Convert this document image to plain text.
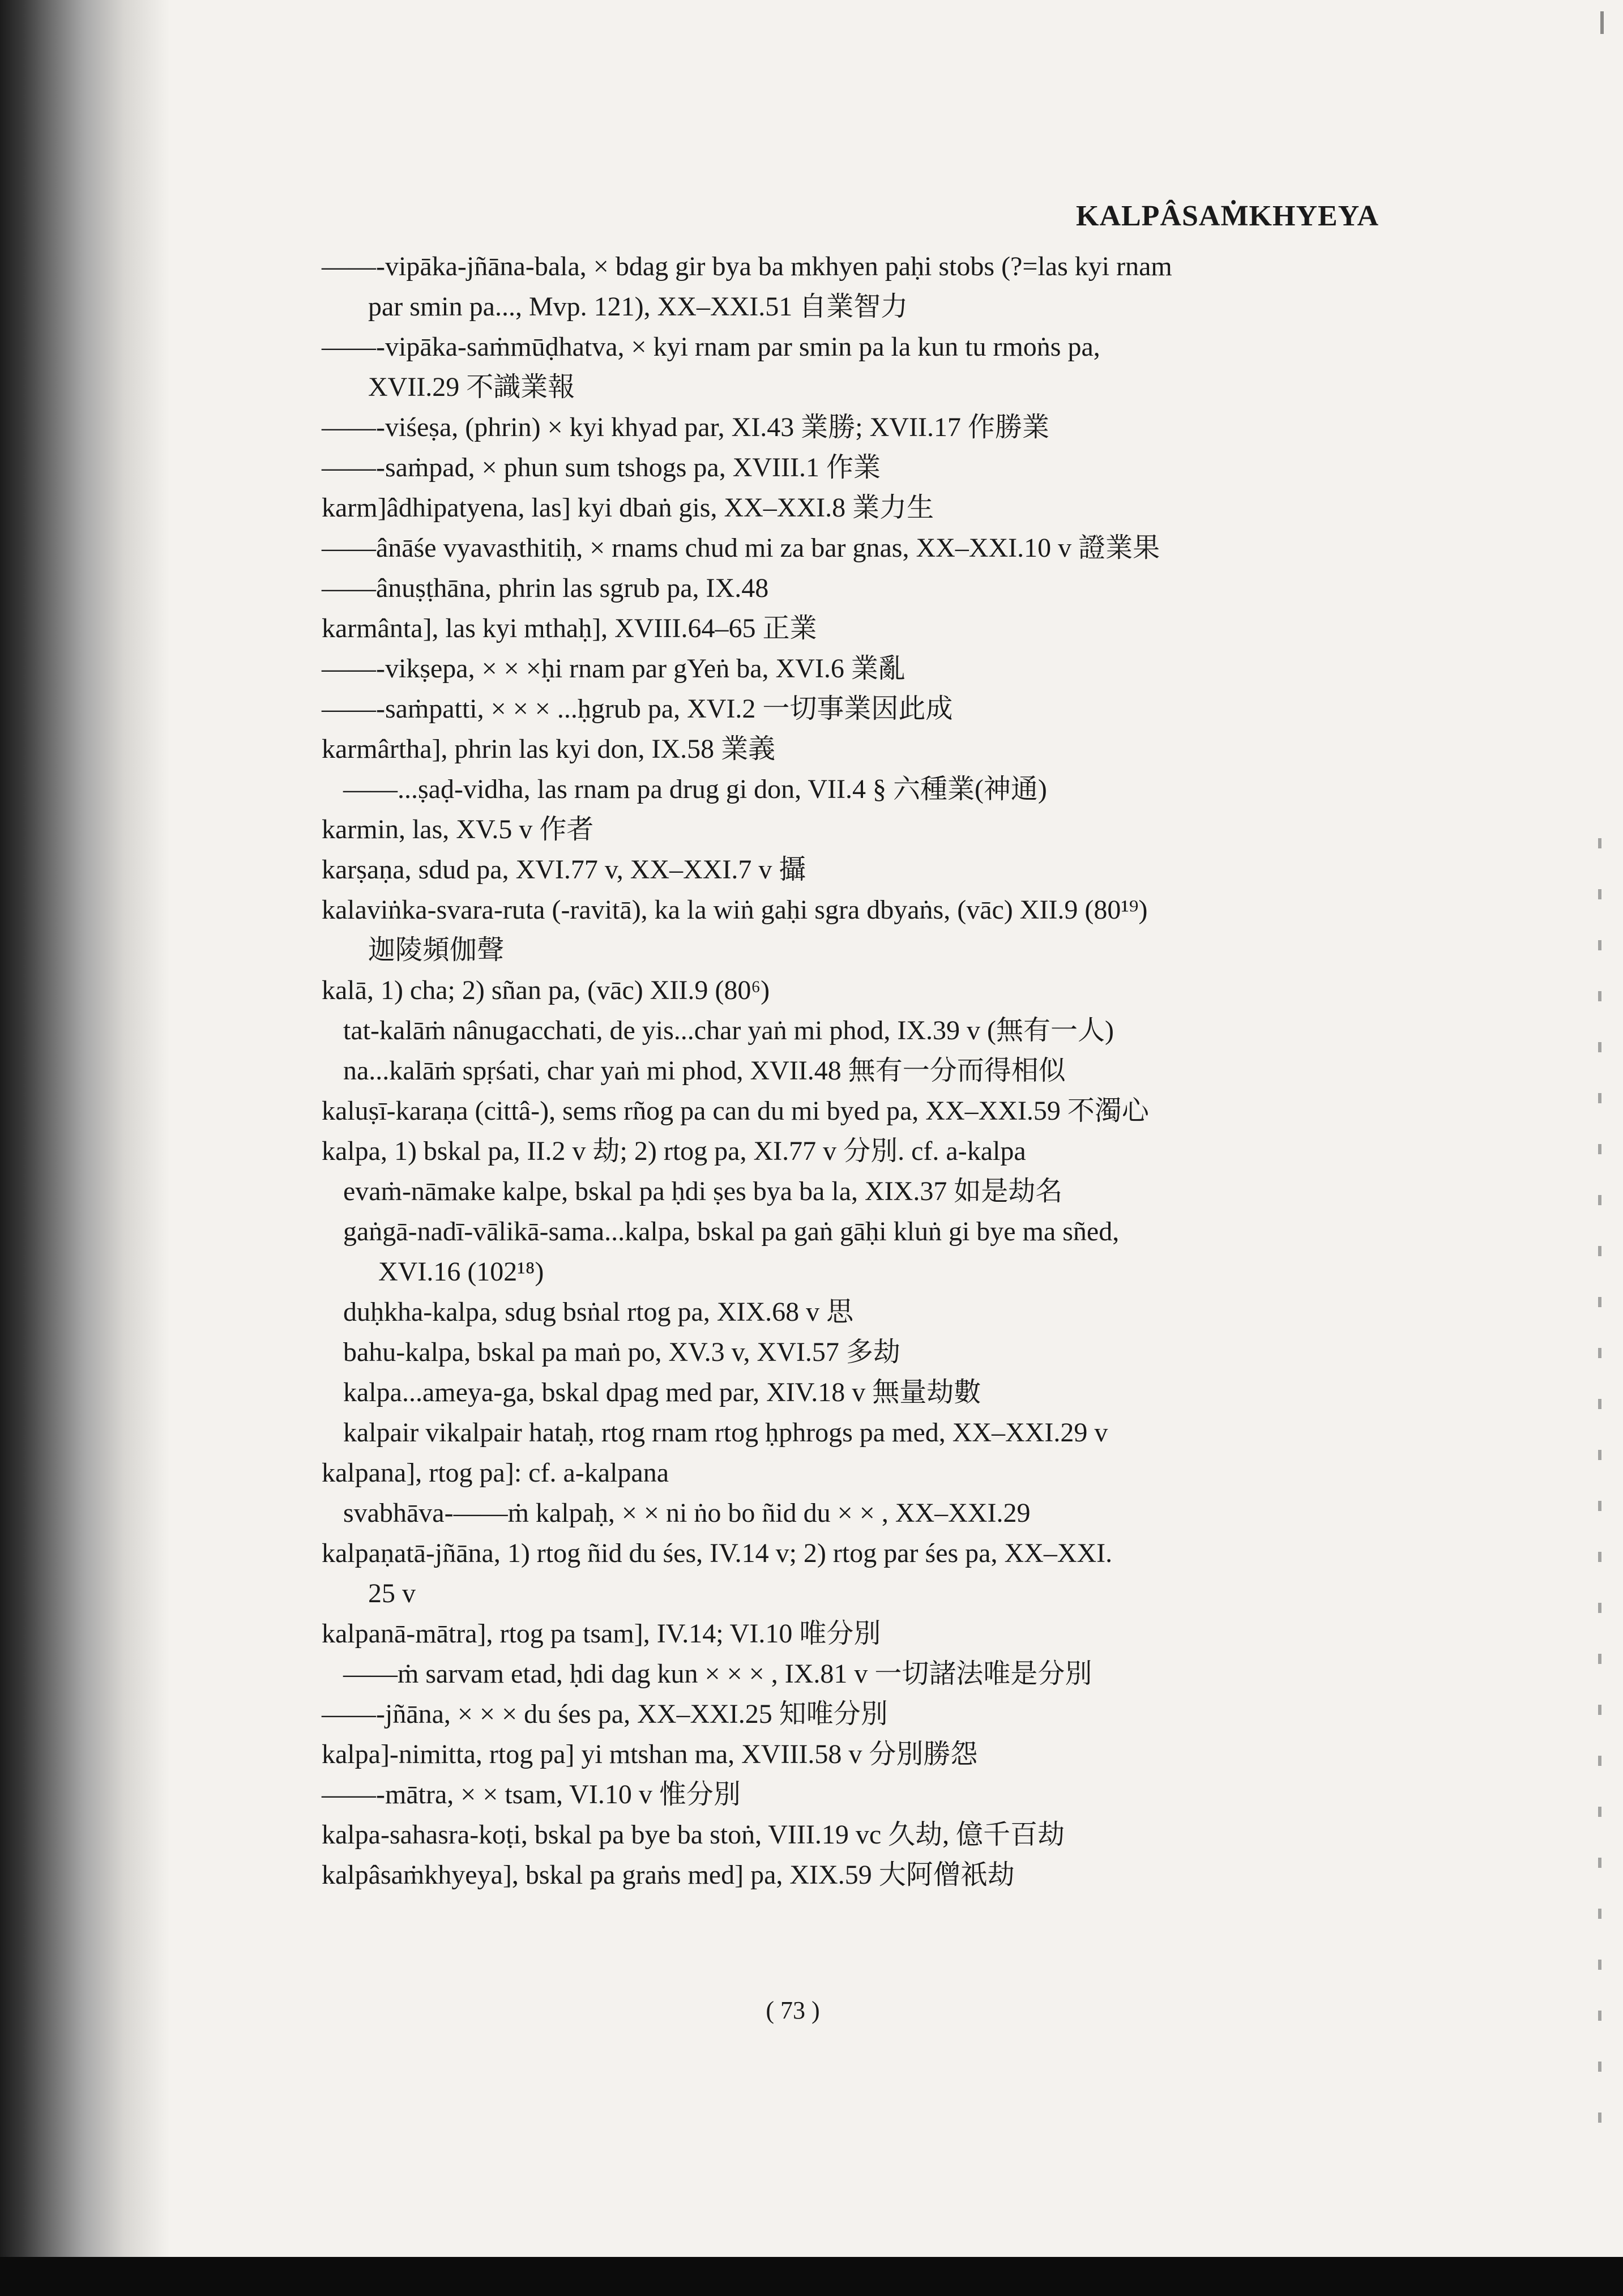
KALPÂSAṀKHYEYA
——-vipāka-jñāna-bala, × bdag gir bya ba mkhyen paḥi stobs (?=las kyi rnam
par smin pa..., Mvp. 121), XX–XXI.51 自業智力
——-vipāka-saṁmūḍhatva, × kyi rnam par smin pa la kun tu rmoṅs pa,
XVII.29 不識業報
——-viśeṣa, (phrin) × kyi khyad par, XI.43 業勝; XVII.17 作勝業
——-saṁpad, × phun sum tshogs pa, XVIII.1 作業
karm]âdhipatyena, las] kyi dbaṅ gis, XX–XXI.8 業力生
——ânāśe vyavasthitiḥ, × rnams chud mi za bar gnas, XX–XXI.10 v 證業果
——ânuṣṭhāna, phrin las sgrub pa, IX.48
karmânta], las kyi mthaḥ], XVIII.64–65 正業
——-vikṣepa, × × ×ḥi rnam par gYeṅ ba, XVI.6 業亂
——-saṁpatti, × × × ...ḥgrub pa, XVI.2 一切事業因此成
karmârtha], phrin las kyi don, IX.58 業義
——...ṣaḍ-vidha, las rnam pa drug gi don, VII.4 § 六種業(神通)
karmin, las, XV.5 v 作者
karṣaṇa, sdud pa, XVI.77 v, XX–XXI.7 v 攝
kalaviṅka-svara-ruta (-ravitā), ka la wiṅ gaḥi sgra dbyaṅs, (vāc) XII.9 (80¹⁹)
迦陵頻伽聲
kalā, 1) cha; 2) sñan pa, (vāc) XII.9 (80⁶)
tat-kalāṁ nânugacchati, de yis...char yaṅ mi phod, IX.39 v (無有一人)
na...kalāṁ spṛśati, char yaṅ mi phod, XVII.48 無有一分而得相似
kaluṣī-karaṇa (cittâ-), sems rñog pa can du mi byed pa, XX–XXI.59 不濁心
kalpa, 1) bskal pa, II.2 v 劫; 2) rtog pa, XI.77 v 分別. cf. a-kalpa
evaṁ-nāmake kalpe, bskal pa ḥdi ṣes bya ba la, XIX.37 如是劫名
gaṅgā-nadī-vālikā-sama...kalpa, bskal pa gaṅ gāḥi kluṅ gi bye ma sñed,
XVI.16 (102¹⁸)
duḥkha-kalpa, sdug bsṅal rtog pa, XIX.68 v 思
bahu-kalpa, bskal pa maṅ po, XV.3 v, XVI.57 多劫
kalpa...ameya-ga, bskal dpag med par, XIV.18 v 無量劫數
kalpair vikalpair hataḥ, rtog rnam rtog ḥphrogs pa med, XX–XXI.29 v
kalpana], rtog pa]: cf. a-kalpana
svabhāva-——ṁ kalpaḥ, × × ni ṅo bo ñid du × × , XX–XXI.29
kalpaṇatā-jñāna, 1) rtog ñid du śes, IV.14 v; 2) rtog par śes pa, XX–XXI.
25 v
kalpanā-mātra], rtog pa tsam], IV.14; VI.10 唯分別
——ṁ sarvam etad, ḥdi dag kun × × × , IX.81 v 一切諸法唯是分別
——-jñāna, × × × du śes pa, XX–XXI.25 知唯分別
kalpa]-nimitta, rtog pa] yi mtshan ma, XVIII.58 v 分別勝怨
——-mātra, × × tsam, VI.10 v 惟分別
kalpa-sahasra-koṭi, bskal pa bye ba stoṅ, VIII.19 vc 久劫, 億千百劫
kalpâsaṁkhyeya], bskal pa graṅs med] pa, XIX.59 大阿僧祇劫
( 73 )
